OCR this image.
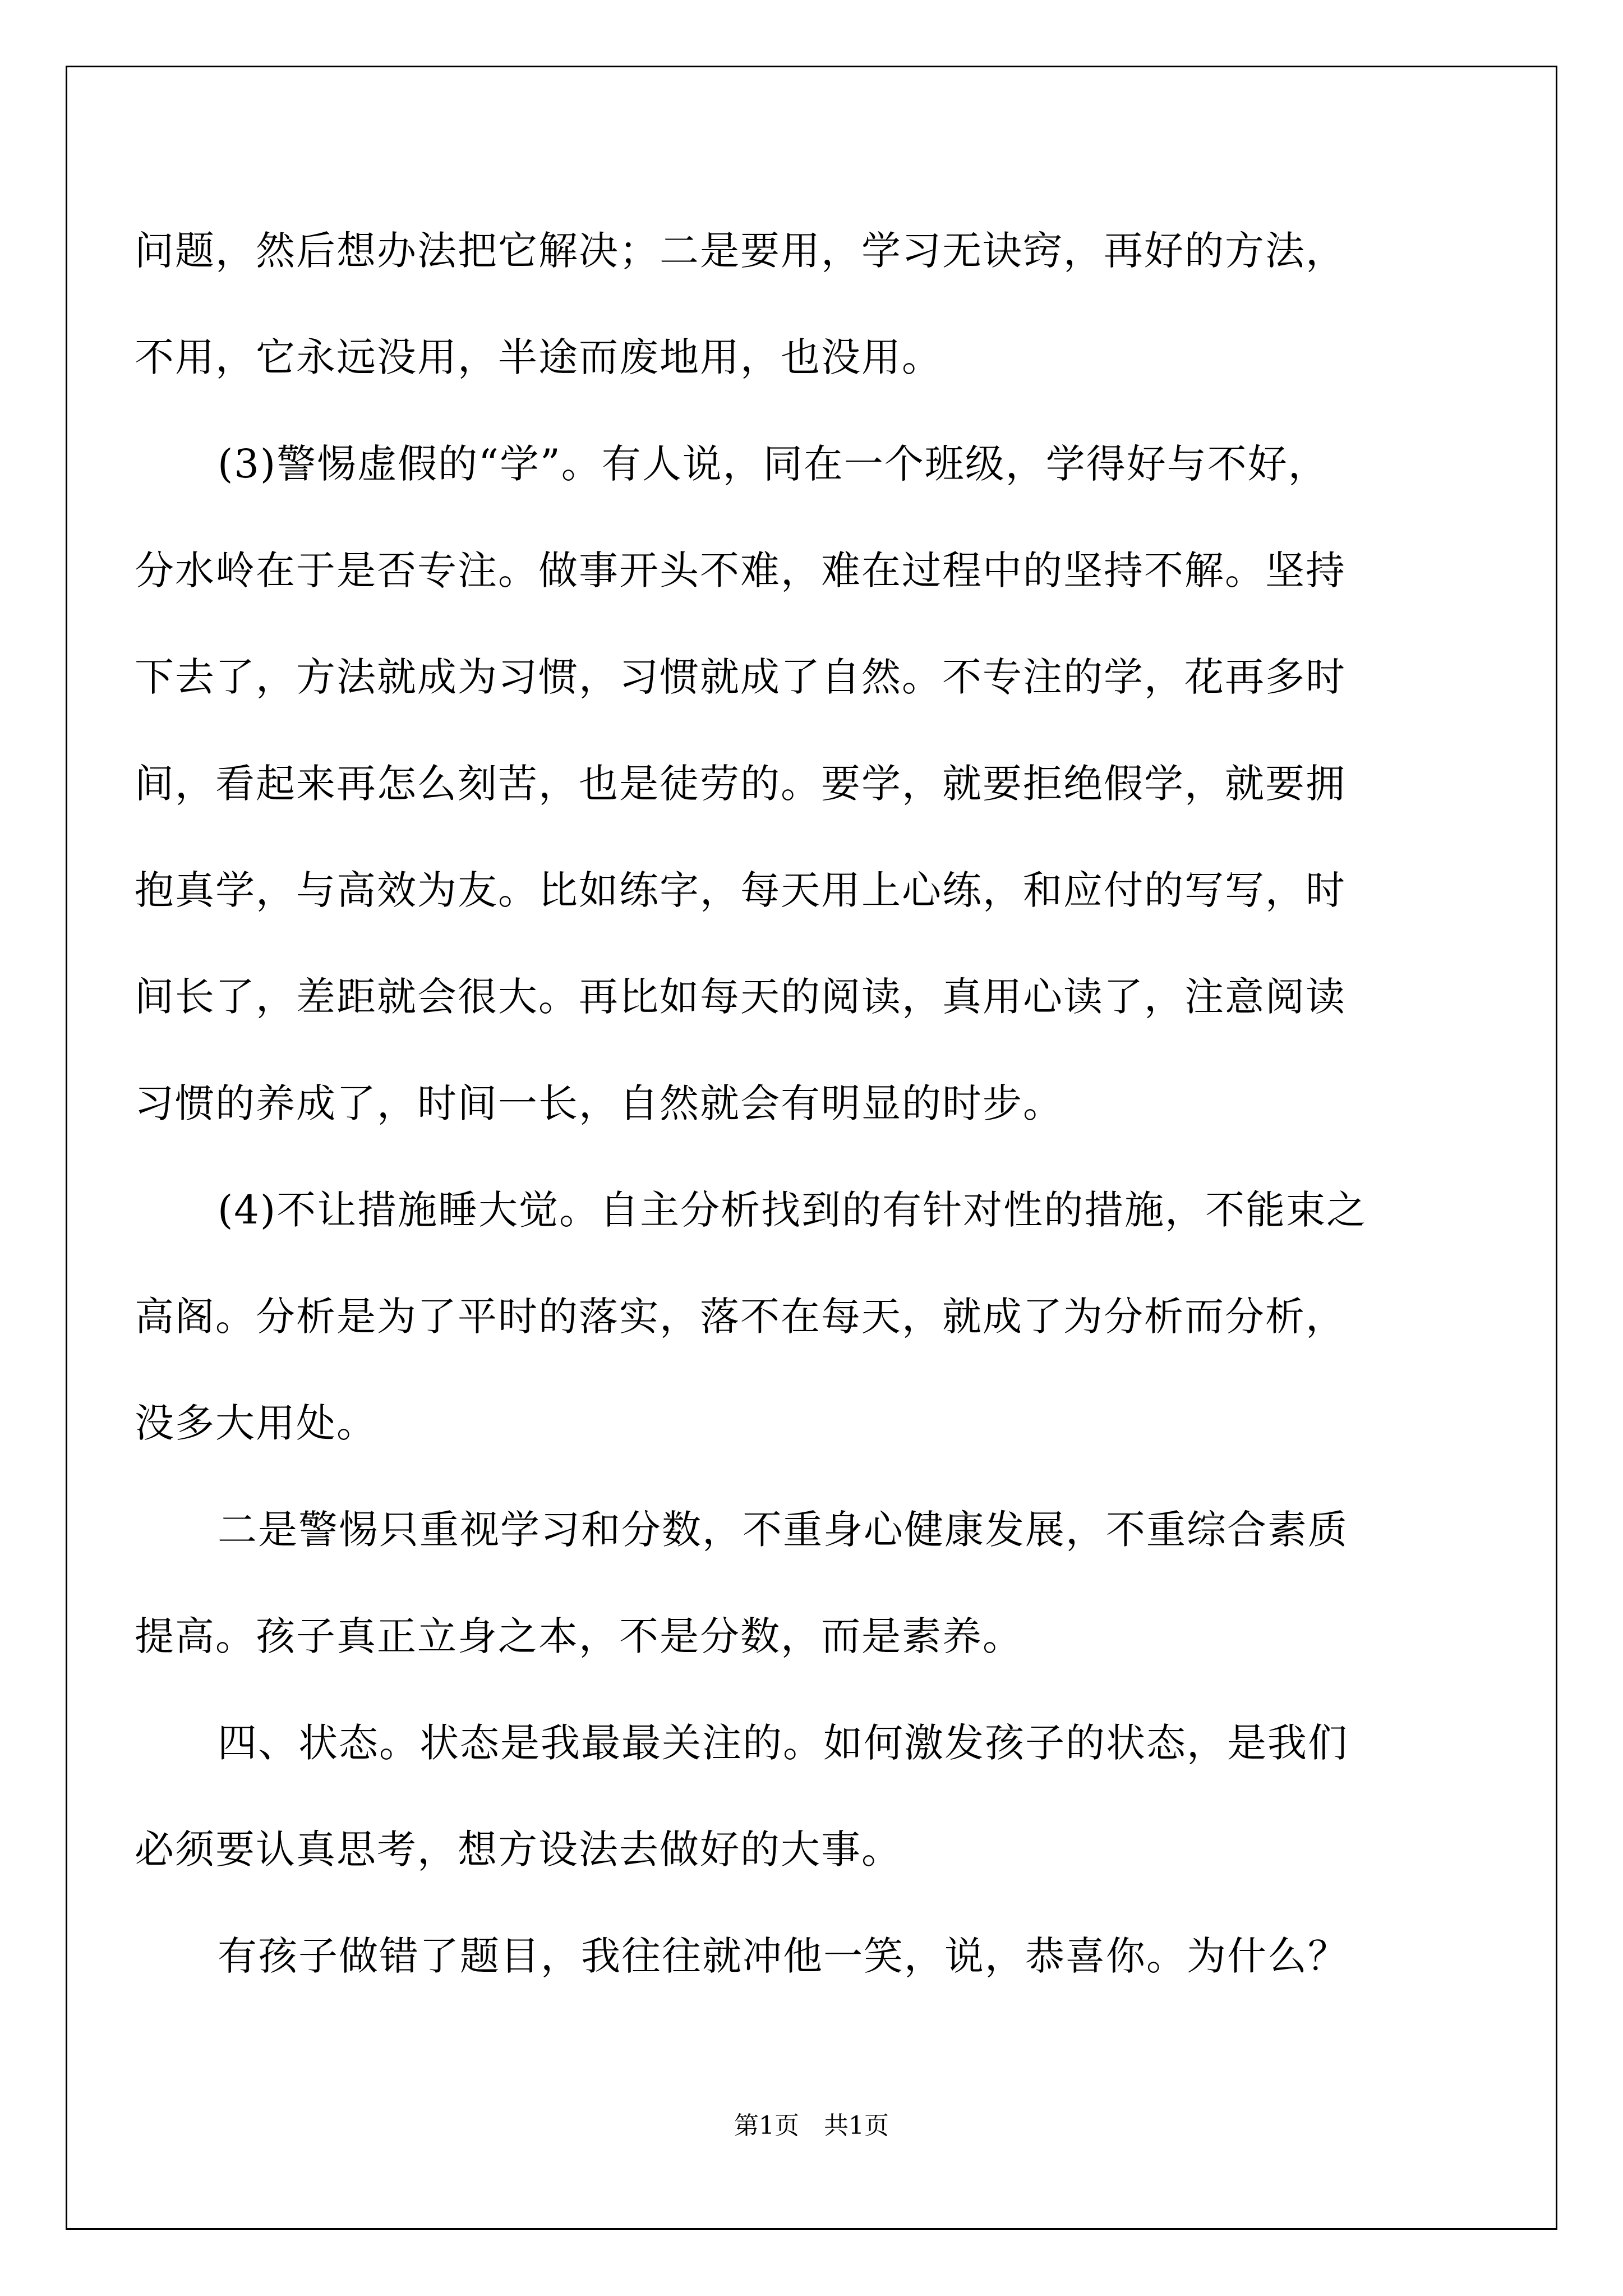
问题，然后想办法把它解决；二是要用，学习无诀窍，再好的方法，
不用，它永远没用，半途而废地用，也没用。
(3)警惕虚假的“学”。有人说，同在一个班级，学得好与不好，
分水岭在于是否专注。做事开头不难，难在过程中的坚持不解。坚持
下去了，方法就成为习惯，习惯就成了自然。不专注的学，花再多时
间，看起来再怎么刻苦，也是徒劳的。要学，就要拒绝假学，就要拥
抱真学，与高效为友。比如练字，每天用上心练，和应付的写写，时
间长了，差距就会很大。再比如每天的阅读，真用心读了，注意阅读
习惯的养成了，时间一长，自然就会有明显的时步。
(4)不让措施睡大觉。自主分析找到的有针对性的措施，不能束之
高阁。分析是为了平时的落实，落不在每天，就成了为分析而分析，
没多大用处。
二是警惕只重视学习和分数，不重身心健康发展，不重综合素质
提高。孩子真正立身之本，不是分数，而是素养。
四、状态。状态是我最最关注的。如何激发孩子的状态，是我们
必须要认真思考，想方设法去做好的大事。
有孩子做错了题目，我往往就冲他一笑，说，恭喜你。为什么？
第1页　共1页
